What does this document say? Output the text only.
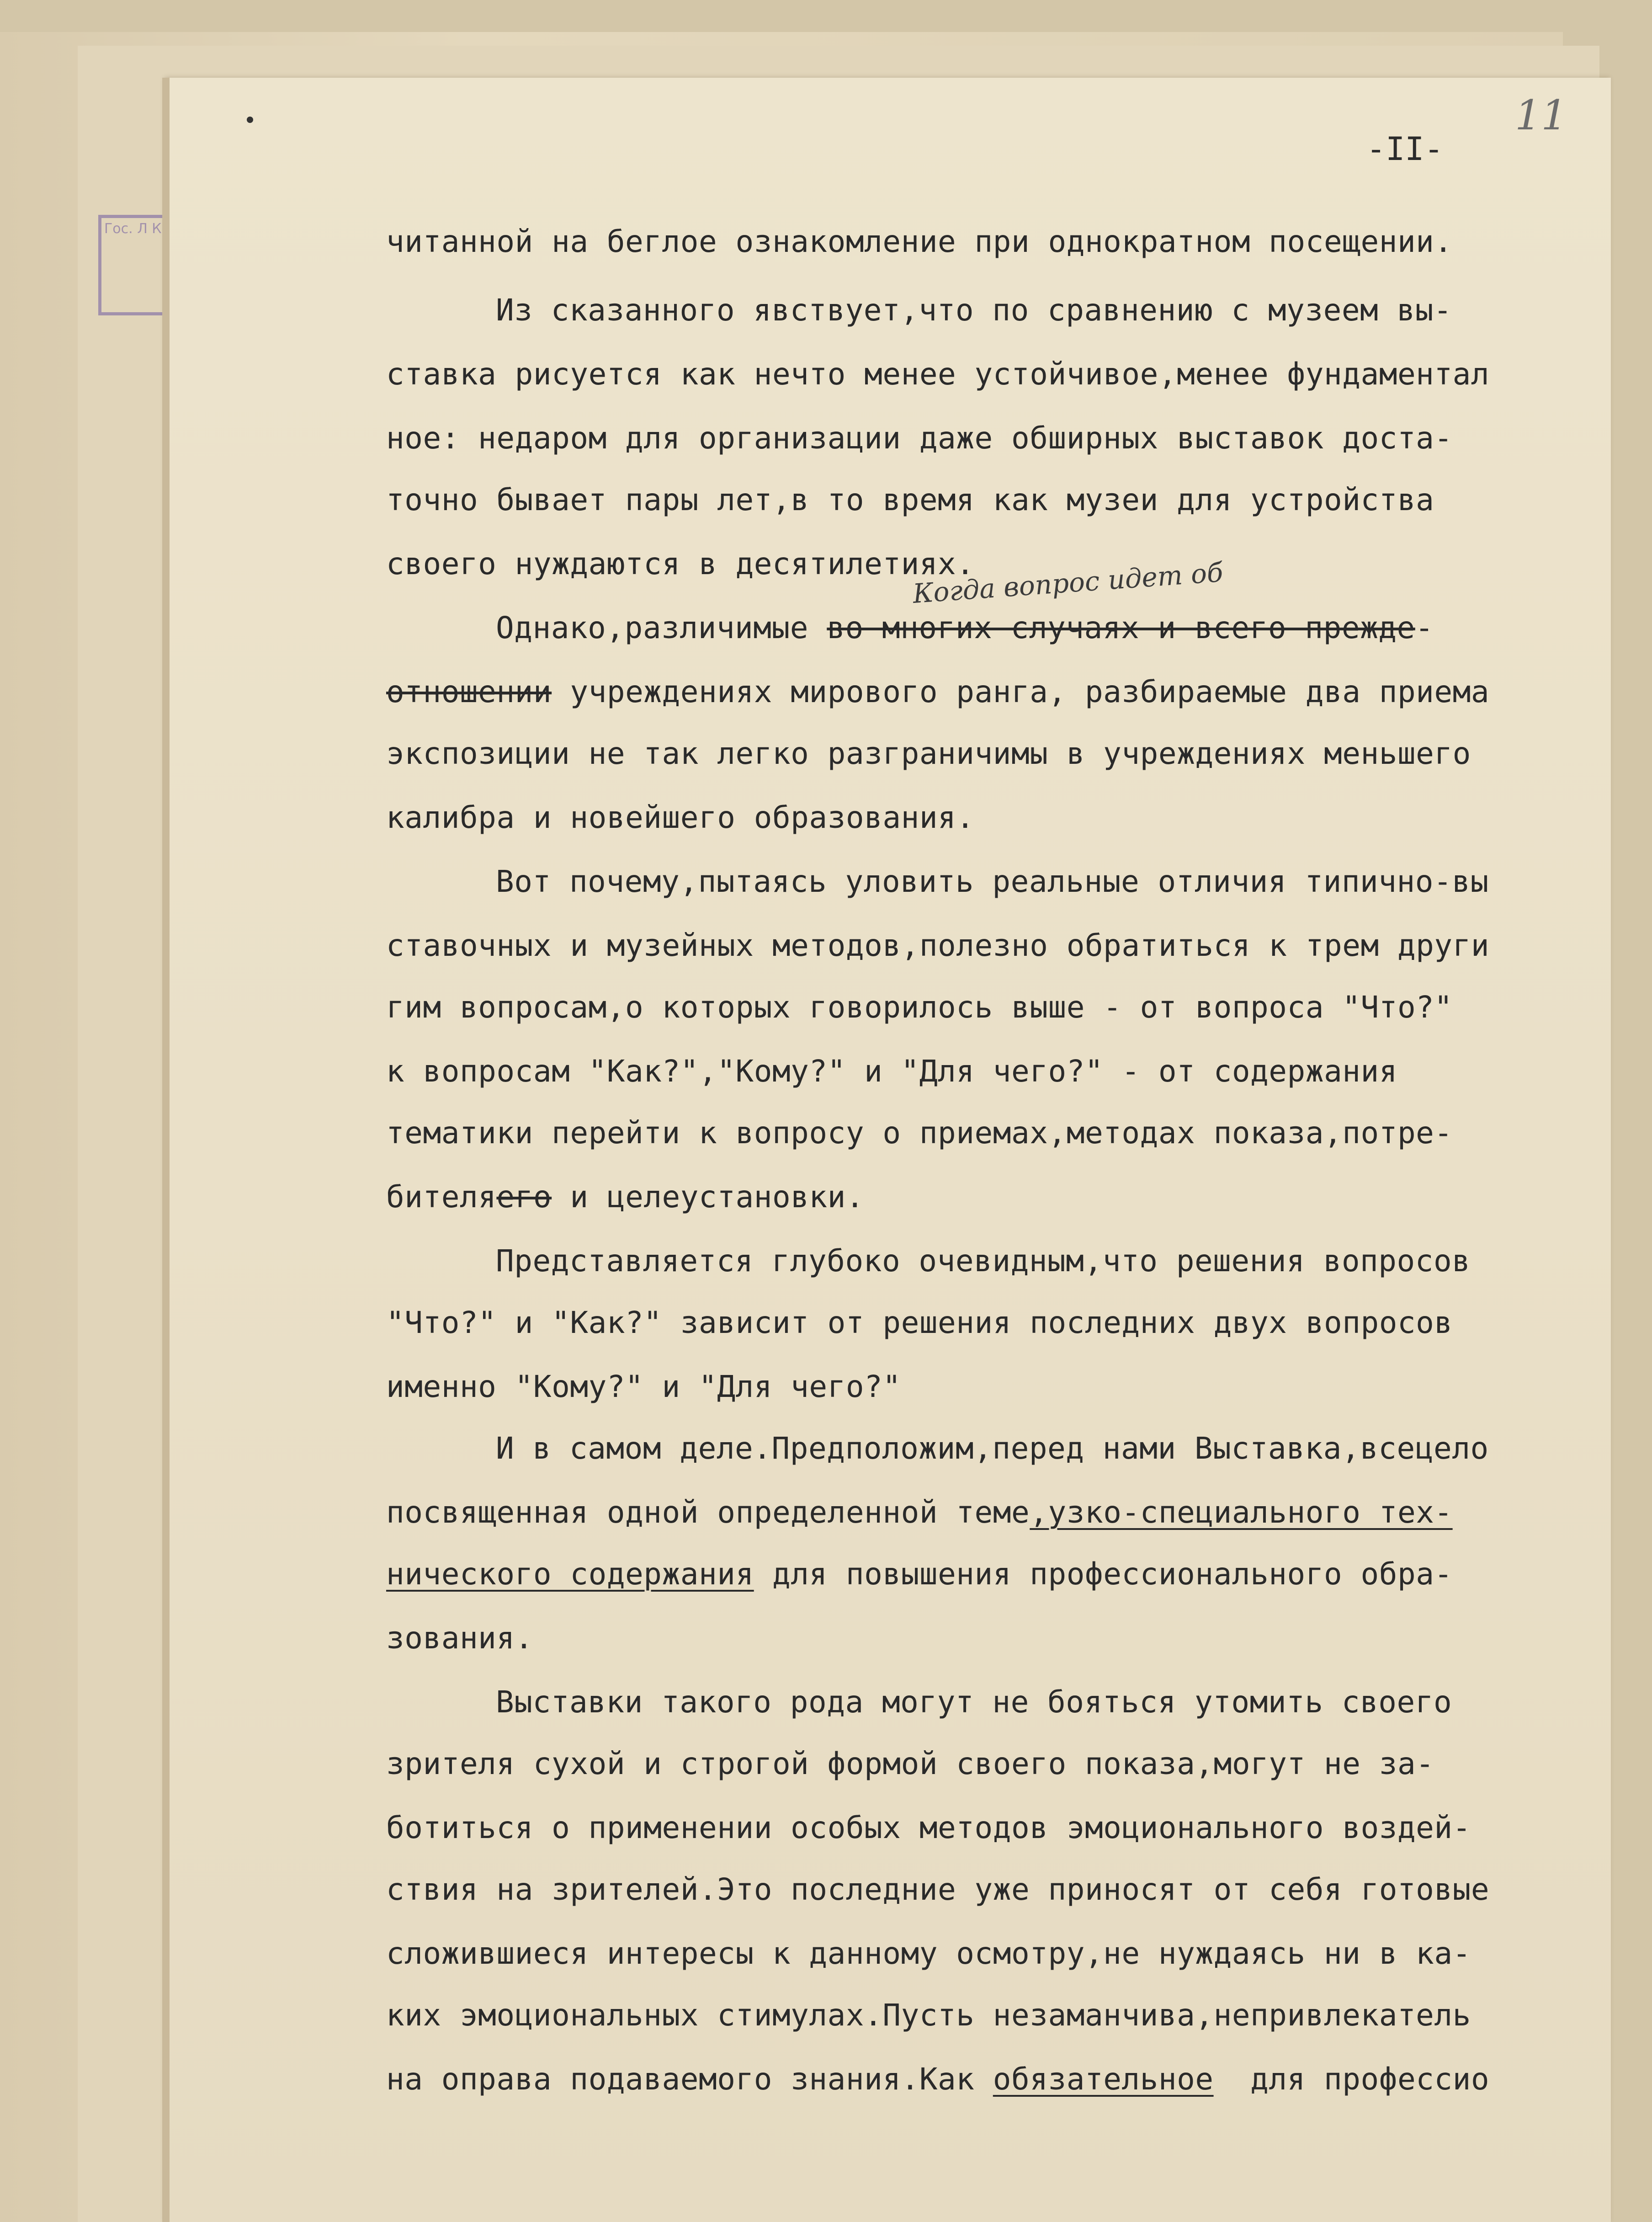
Гос. Л К
11
-II-
читанной на беглое ознакомление при однократном посещении.
Из сказанного явствует,что по сравнению с музеем вы-
ставка рисуется как нечто менее устойчивое,менее фундаментал
ное: недаром для организации даже обширных выставок доста-
точно бывает пары лет,в то время как музеи для устройства
своего нуждаются в десятилетиях.
Когда вопрос идет об
Однако,различимые во многих случаях и всего прежде-
отношении учреждениях мирового ранга, разбираемые два приема
экспозиции не так легко разграничимы в учреждениях меньшего
калибра и новейшего образования.
Вот почему,пытаясь уловить реальные отличия типично-вы
ставочных и музейных методов,полезно обратиться к трем други
гим вопросам,о которых говорилось выше - от вопроса "Что?"
к вопросам "Как?","Кому?" и "Для чего?" - от содержания
тематики перейти к вопросу о приемах,методах показа,потре-
бителяего и целеустановки.
Представляется глубоко очевидным,что решения вопросов
"Что?" и "Как?" зависит от решения последних двух вопросов
именно "Кому?" и "Для чего?"
И в самом деле.Предположим,перед нами Выставка,всецело
посвященная одной определенной теме,узко-специального тех-
нического содержания для повышения профессионального обра-
зования.
Выставки такого рода могут не бояться утомить своего
зрителя сухой и строгой формой своего показа,могут не за-
ботиться о применении особых методов эмоционального воздей-
ствия на зрителей.Это последние уже приносят от себя готовые
сложившиеся интересы к данному осмотру,не нуждаясь ни в ка-
ких эмоциональных стимулах.Пусть незаманчива,непривлекатель
на оправа подаваемого знания.Как обязательное  для профессио
